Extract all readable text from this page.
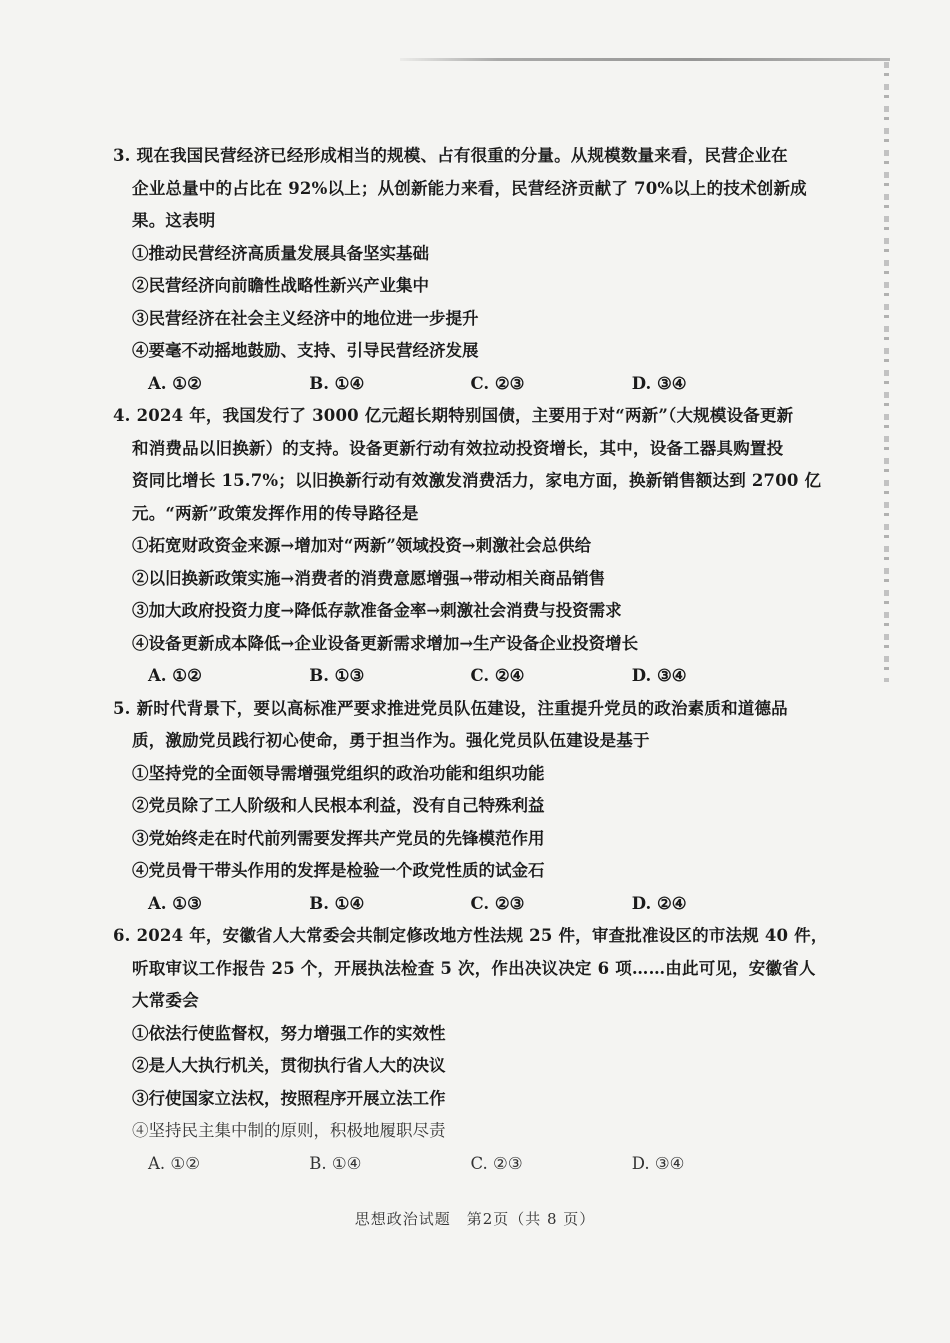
3. 现在我国民营经济已经形成相当的规模、占有很重的分量。从规模数量来看，民营企业在
企业总量中的占比在 92%以上；从创新能力来看，民营经济贡献了 70%以上的技术创新成
果。这表明
①推动民营经济高质量发展具备坚实基础
②民营经济向前瞻性战略性新兴产业集中
③民营经济在社会主义经济中的地位进一步提升
④要毫不动摇地鼓励、支持、引导民营经济发展
A. ①②	B. ①④	C. ②③	D. ③④
4. 2024 年，我国发行了 3000 亿元超长期特别国债，主要用于对“两新”（大规模设备更新
和消费品以旧换新）的支持。设备更新行动有效拉动投资增长，其中，设备工器具购置投
资同比增长 15.7%；以旧换新行动有效激发消费活力，家电方面，换新销售额达到 2700 亿
元。“两新”政策发挥作用的传导路径是
①拓宽财政资金来源→增加对“两新”领域投资→刺激社会总供给
②以旧换新政策实施→消费者的消费意愿增强→带动相关商品销售
③加大政府投资力度→降低存款准备金率→刺激社会消费与投资需求
④设备更新成本降低→企业设备更新需求增加→生产设备企业投资增长
A. ①②	B. ①③	C. ②④	D. ③④
5. 新时代背景下，要以高标准严要求推进党员队伍建设，注重提升党员的政治素质和道德品
质，激励党员践行初心使命，勇于担当作为。强化党员队伍建设是基于
①坚持党的全面领导需增强党组织的政治功能和组织功能
②党员除了工人阶级和人民根本利益，没有自己特殊利益
③党始终走在时代前列需要发挥共产党员的先锋模范作用
④党员骨干带头作用的发挥是检验一个政党性质的试金石
A. ①③	B. ①④	C. ②③	D. ②④
6. 2024 年，安徽省人大常委会共制定修改地方性法规 25 件，审查批准设区的市法规 40 件，
听取审议工作报告 25 个，开展执法检查 5 次，作出决议决定 6 项……由此可见，安徽省人
大常委会
①依法行使监督权，努力增强工作的实效性
②是人大执行机关，贯彻执行省人大的决议
③行使国家立法权，按照程序开展立法工作
④坚持民主集中制的原则，积极地履职尽责
A. ①②	B. ①④	C. ②③	D. ③④
思想政治试题　第2页（共 8 页）
